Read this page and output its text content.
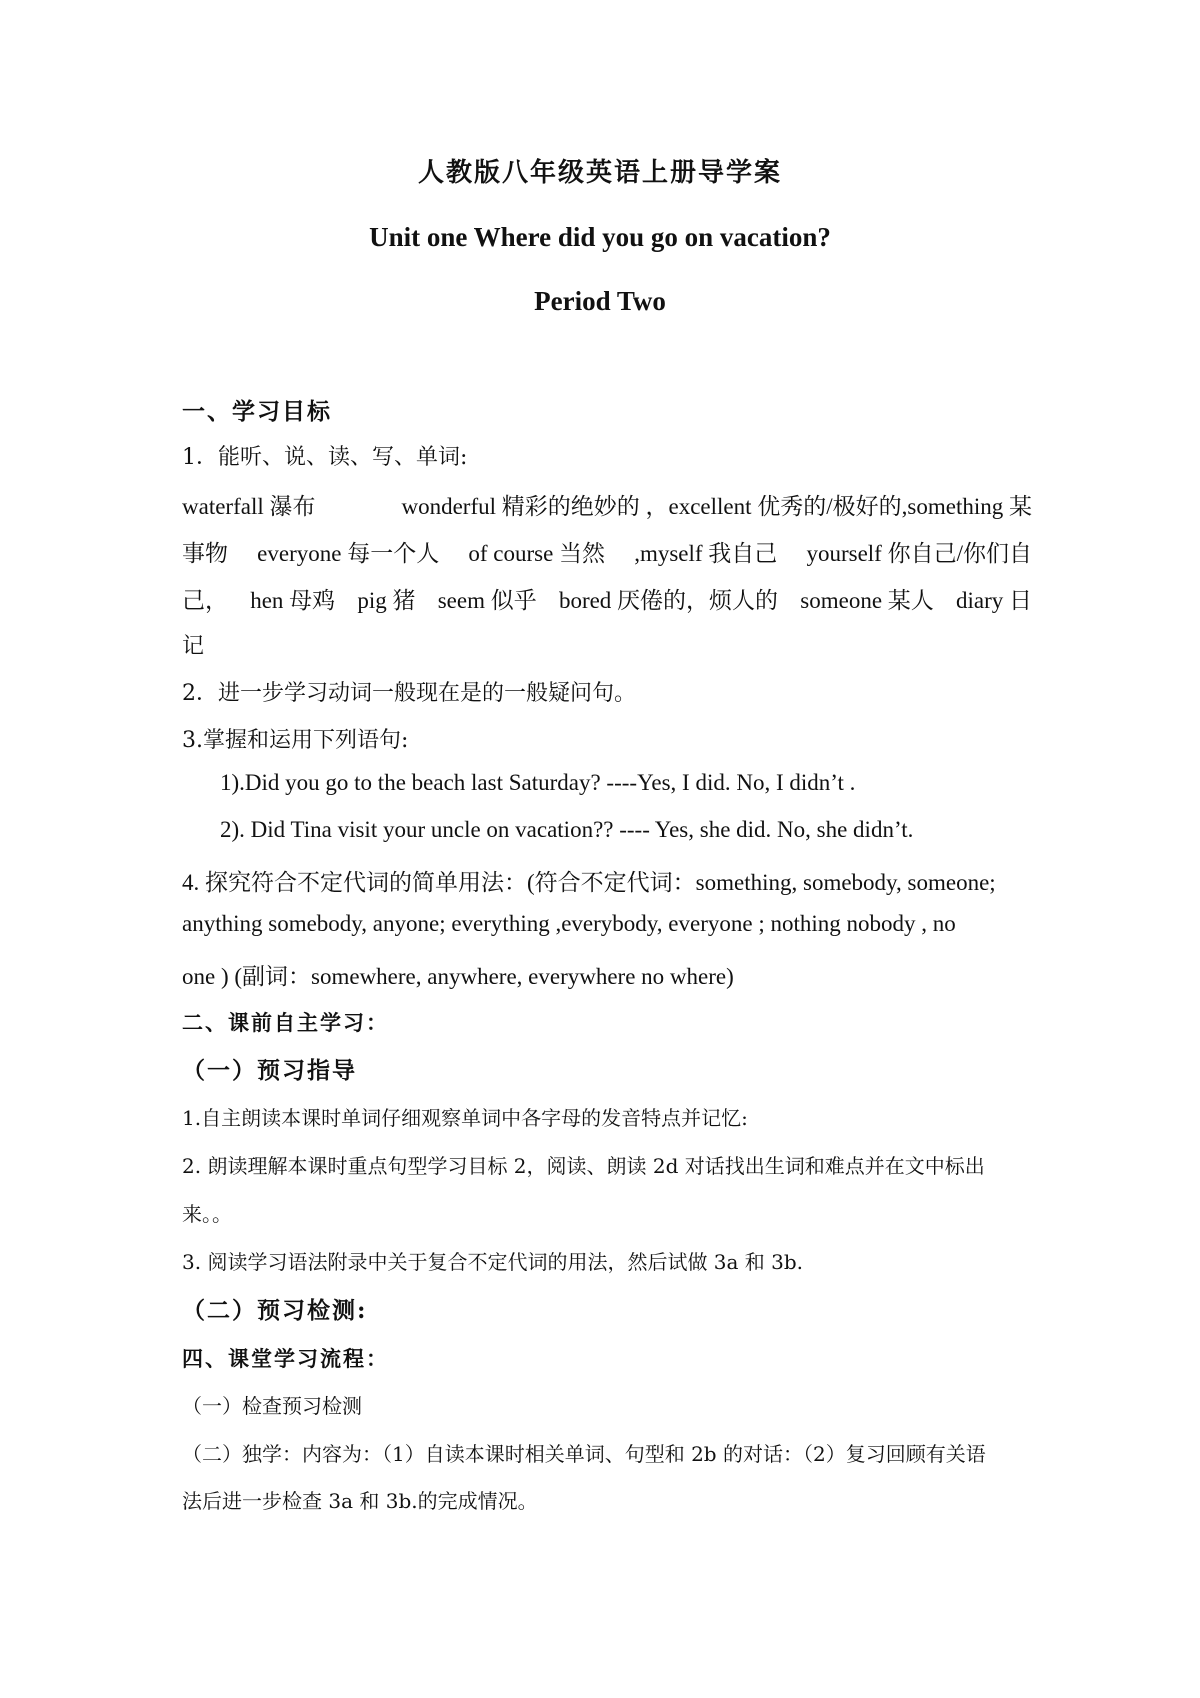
人教版八年级英语上册导学案
Unit one Where did you go on vacation?
Period Two
一、学习目标
1．能听、说、读、写、单词:
waterfall 瀑布	wonderful 精彩的绝妙的 ，excellent 优秀的/极好的,something 某
事物 everyone 每一个人 of course 当然 ,myself 我自己 yourself 你自己/你们自
己， hen 母鸡 pig 猪 seem 似乎 bored 厌倦的，烦人的 someone 某人 diary 日
记
2．进一步学习动词一般现在是的一般疑问句。
3.掌握和运用下列语句:
1).Did you go to the beach last Saturday? ----Yes, I did. No, I didn’t .
2). Did Tina visit your uncle on vacation?? ---- Yes, she did. No, she didn’t.
4. 探究符合不定代词的简单用法：(符合不定代词：something, somebody, someone;
anything somebody, anyone; everything ,everybody, everyone ; nothing nobody , no
one ) (副词：somewhere, anywhere, everywhere no where)
二、课前自主学习：
（一）预习指导
1.自主朗读本课时单词仔细观察单词中各字母的发音特点并记忆:
2. 朗读理解本课时重点句型学习目标 2，阅读、朗读 2d 对话找出生词和难点并在文中标出
来。。
3. 阅读学习语法附录中关于复合不定代词的用法，然后试做 3a 和 3b.
（二）预习检测:
四、课堂学习流程：
（一）检查预习检测
（二）独学：内容为：（1）自读本课时相关单词、句型和 2b 的对话：（2）复习回顾有关语
法后进一步检查 3a 和 3b.的完成情况。
